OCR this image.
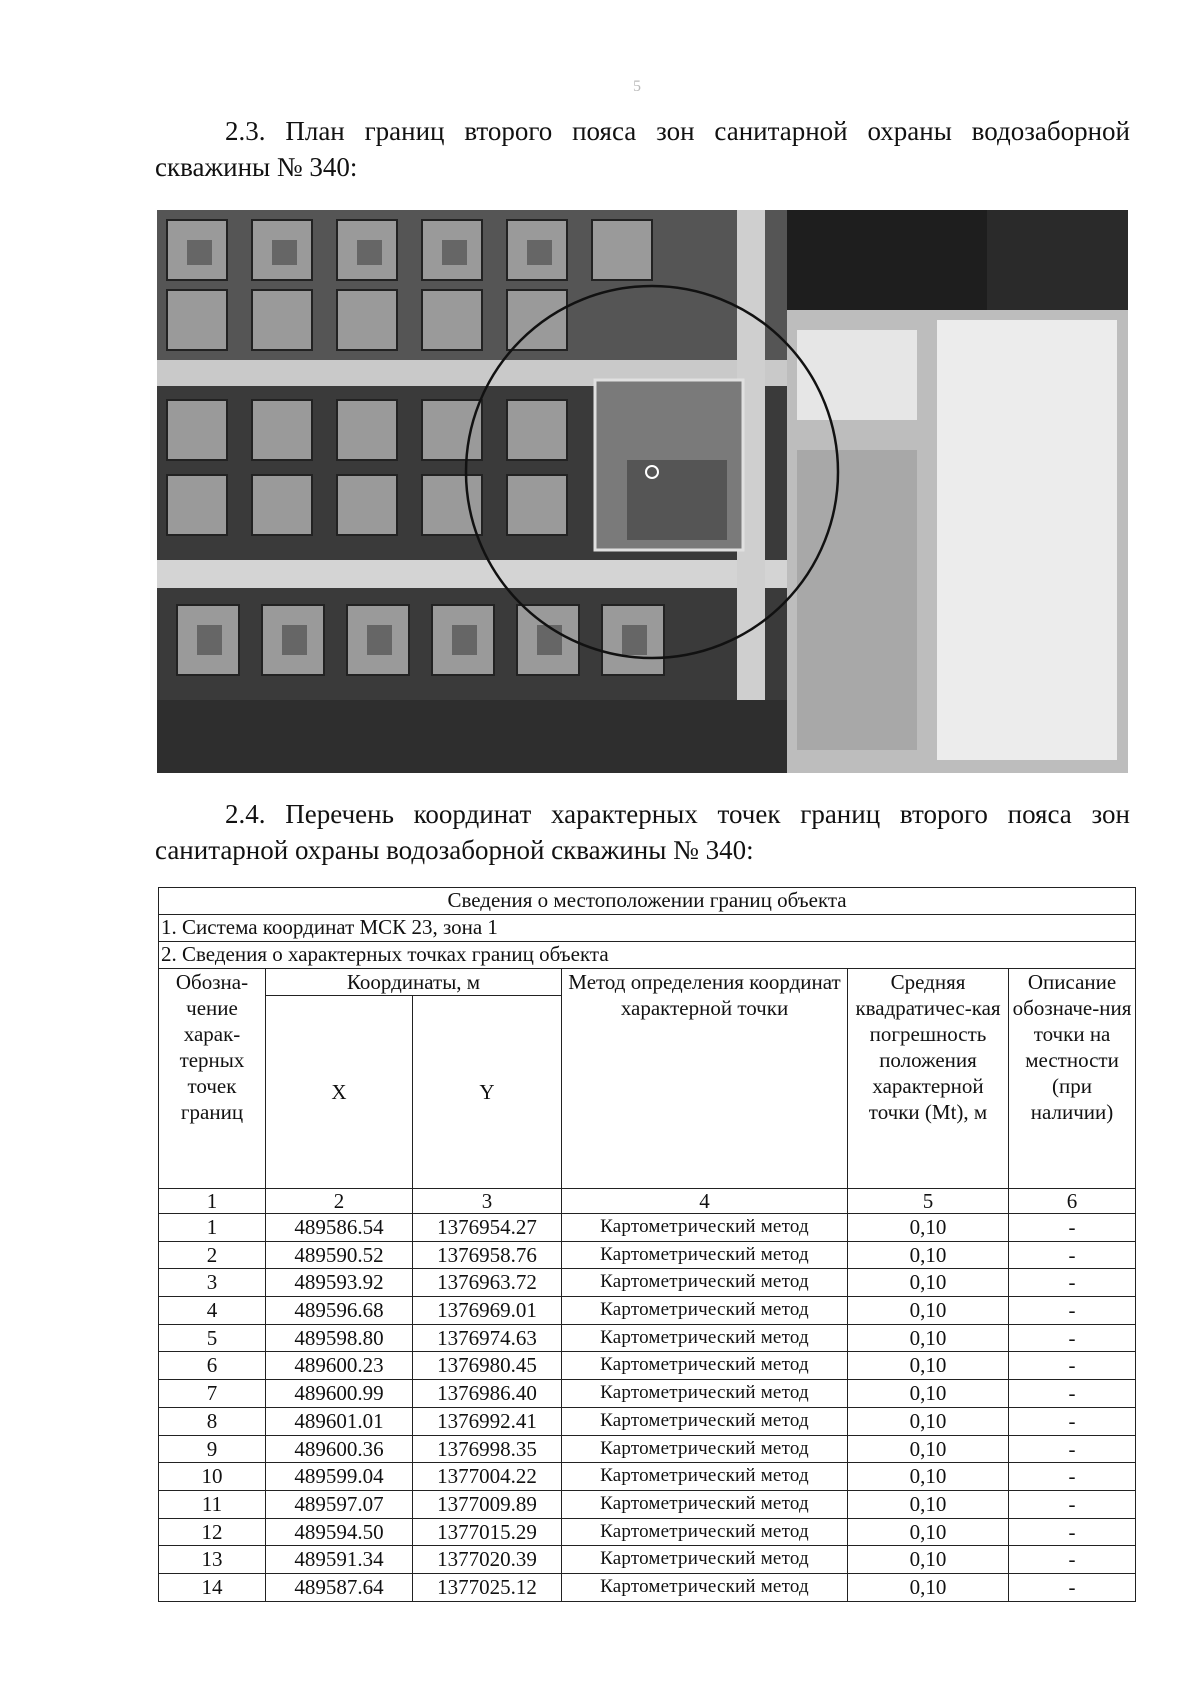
5

2.3. План границ второго пояса зон санитарной охраны водозаборной скважины № 340:

2.4. Перечень координат характерных точек границ второго пояса зон санитарной охраны водозаборной скважины № 340:

Сведения о местоположении границ объекта					
1. Система координат МСК 23, зона 1					
2. Сведения о характерных точках границ объекта					
Обозна-чение харак-терных точек границ	Координаты, м		Метод определения координат характерной точки	Средняя квадратичес-кая погрешность положения характерной точки (Mt), м	Описание обозначе-ния точки на местности (при наличии)
	X	Y			
1	2	3	4	5	6
1	489586.54	1376954.27	Картометрический метод	0,10	-
2	489590.52	1376958.76	Картометрический метод	0,10	-
3	489593.92	1376963.72	Картометрический метод	0,10	-
4	489596.68	1376969.01	Картометрический метод	0,10	-
5	489598.80	1376974.63	Картометрический метод	0,10	-
6	489600.23	1376980.45	Картометрический метод	0,10	-
7	489600.99	1376986.40	Картометрический метод	0,10	-
8	489601.01	1376992.41	Картометрический метод	0,10	-
9	489600.36	1376998.35	Картометрический метод	0,10	-
10	489599.04	1377004.22	Картометрический метод	0,10	-
11	489597.07	1377009.89	Картометрический метод	0,10	-
12	489594.50	1377015.29	Картометрический метод	0,10	-
13	489591.34	1377020.39	Картометрический метод	0,10	-
14	489587.64	1377025.12	Картометрический метод	0,10	-
